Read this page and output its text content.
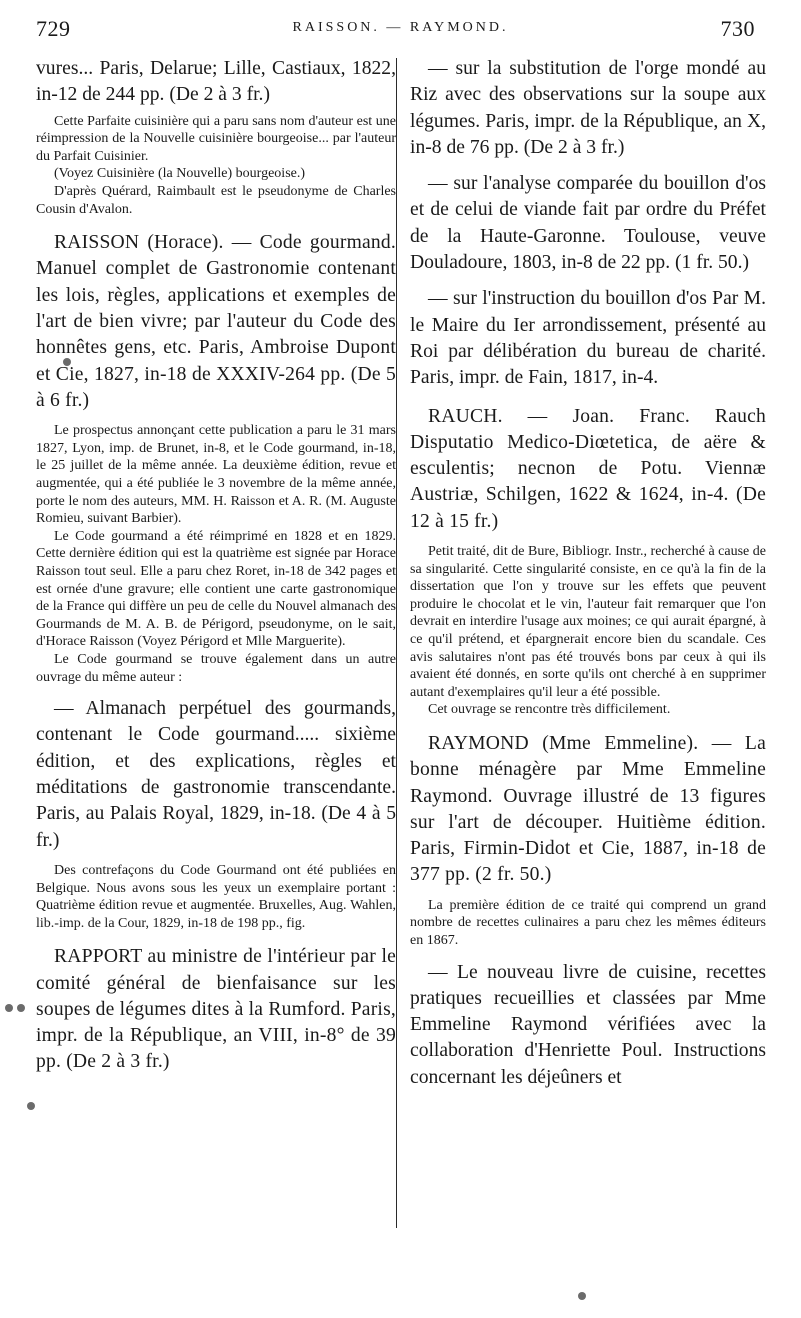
729	RAISSON. — RAYMOND.	730

vures... Paris, Delarue; Lille, Castiaux, 1822, in-12 de 244 pp. (De 2 à 3 fr.)

Cette Parfaite cuisinière qui a paru sans nom d'auteur est une réimpression de la Nouvelle cuisinière bourgeoise... par l'auteur du Parfait Cuisinier.

(Voyez Cuisinière (la Nouvelle) bourgeoise.)

D'après Quérard, Raimbault est le pseudonyme de Charles Cousin d'Avalon.

RAISSON (Horace). — Code gourmand. Manuel complet de Gastronomie contenant les lois, règles, applications et exemples de l'art de bien vivre; par l'auteur du Code des honnêtes gens, etc. Paris, Ambroise Dupont et Cie, 1827, in-18 de XXXIV-264 pp. (De 5 à 6 fr.)

Le prospectus annonçant cette publication a paru le 31 mars 1827, Lyon, imp. de Brunet, in-8, et le Code gourmand, in-18, le 25 juillet de la même année. La deuxième édition, revue et augmentée, qui a été publiée le 3 novembre de la même année, porte le nom des auteurs, MM. H. Raisson et A. R. (M. Auguste Romieu, suivant Barbier).

Le Code gourmand a été réimprimé en 1828 et en 1829. Cette dernière édition qui est la quatrième est signée par Horace Raisson tout seul. Elle a paru chez Roret, in-18 de 342 pages et est ornée d'une gravure; elle contient une carte gastronomique de la France qui diffère un peu de celle du Nouvel almanach des Gourmands de M. A. B. de Périgord, pseudonyme, on le sait, d'Horace Raisson (Voyez Périgord et Mlle Marguerite).

Le Code gourmand se trouve également dans un autre ouvrage du même auteur :

— Almanach perpétuel des gourmands, contenant le Code gourmand..... sixième édition, et des explications, règles et méditations de gastronomie transcendante. Paris, au Palais Royal, 1829, in-18. (De 4 à 5 fr.)

Des contrefaçons du Code Gourmand ont été publiées en Belgique. Nous avons sous les yeux un exemplaire portant : Quatrième édition revue et augmentée. Bruxelles, Aug. Wahlen, lib.-imp. de la Cour, 1829, in-18 de 198 pp., fig.

RAPPORT au ministre de l'intérieur par le comité général de bienfaisance sur les soupes de légumes dites à la Rumford. Paris, impr. de la République, an VIII, in-8° de 39 pp. (De 2 à 3 fr.)

— sur la substitution de l'orge mondé au Riz avec des observations sur la soupe aux légumes. Paris, impr. de la République, an X, in-8 de 76 pp. (De 2 à 3 fr.)

— sur l'analyse comparée du bouillon d'os et de celui de viande fait par ordre du Préfet de la Haute-Garonne. Toulouse, veuve Douladoure, 1803, in-8 de 22 pp. (1 fr. 50.)

— sur l'instruction du bouillon d'os Par M. le Maire du Ier arrondissement, présenté au Roi par délibération du bureau de charité. Paris, impr. de Fain, 1817, in-4.

RAUCH. — Joan. Franc. Rauch Disputatio Medico-Diœtetica, de aëre & esculentis; necnon de Potu. Viennæ Austriæ, Schilgen, 1622 & 1624, in-4. (De 12 à 15 fr.)

Petit traité, dit de Bure, Bibliogr. Instr., recherché à cause de sa singularité. Cette singularité consiste, en ce qu'à la fin de la dissertation que l'on y trouve sur les effets que peuvent produire le chocolat et le vin, l'auteur fait remarquer que l'on devrait en interdire l'usage aux moines; ce qui aurait épargné, à ce qu'il prétend, et épargnerait encore bien du scandale. Ces avis salutaires n'ont pas été trouvés bons par ceux à qui ils avaient été donnés, en sorte qu'ils ont cherché à en supprimer autant d'exemplaires qu'il leur a été possible.

Cet ouvrage se rencontre très difficilement.

RAYMOND (Mme Emmeline). — La bonne ménagère par Mme Emmeline Raymond. Ouvrage illustré de 13 figures sur l'art de découper. Huitième édition. Paris, Firmin-Didot et Cie, 1887, in-18 de 377 pp. (2 fr. 50.)

La première édition de ce traité qui comprend un grand nombre de recettes culinaires a paru chez les mêmes éditeurs en 1867.

— Le nouveau livre de cuisine, recettes pratiques recueillies et classées par Mme Emmeline Raymond vérifiées avec la collaboration d'Henriette Poul. Instructions concernant les déjeûners et
